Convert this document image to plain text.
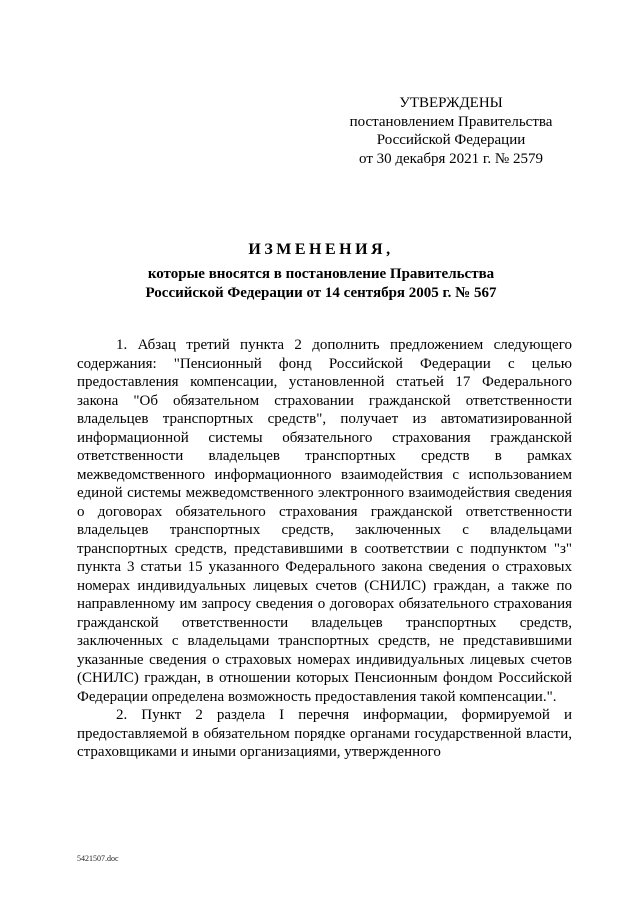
УТВЕРЖДЕНЫ
постановлением Правительства
Российской Федерации
от 30 декабря 2021 г. № 2579
ИЗМЕНЕНИЯ,
которые вносятся в постановление Правительства
Российской Федерации от 14 сентября 2005 г. № 567

1. Абзац третий пункта 2 дополнить предложением следующего содержания: "Пенсионный фонд Российской Федерации с целью предоставления компенсации, установленной статьей 17 Федерального закона "Об обязательном страховании гражданской ответственности владельцев транспортных средств", получает из автоматизированной информационной системы обязательного страхования гражданской ответственности владельцев транспортных средств в рамках межведомственного информационного взаимодействия с использованием единой системы межведомственного электронного взаимодействия сведения о договорах обязательного страхования гражданской ответственности владельцев транспортных средств, заключенных с владельцами транспортных средств, представившими в соответствии с подпунктом "з" пункта 3 статьи 15 указанного Федерального закона сведения о страховых номерах индивидуальных лицевых счетов (СНИЛС) граждан, а также по направленному им запросу сведения о договорах обязательного страхования гражданской ответственности владельцев транспортных средств, заключенных с владельцами транспортных средств, не представившими указанные сведения о страховых номерах индивидуальных лицевых счетов (СНИЛС) граждан, в отношении которых Пенсионным фондом Российской Федерации определена возможность предоставления такой компенсации.".

2. Пункт 2 раздела I перечня информации, формируемой и предоставляемой в обязательном порядке органами государственной власти, страховщиками и иными организациями, утвержденного

5421507.doc
